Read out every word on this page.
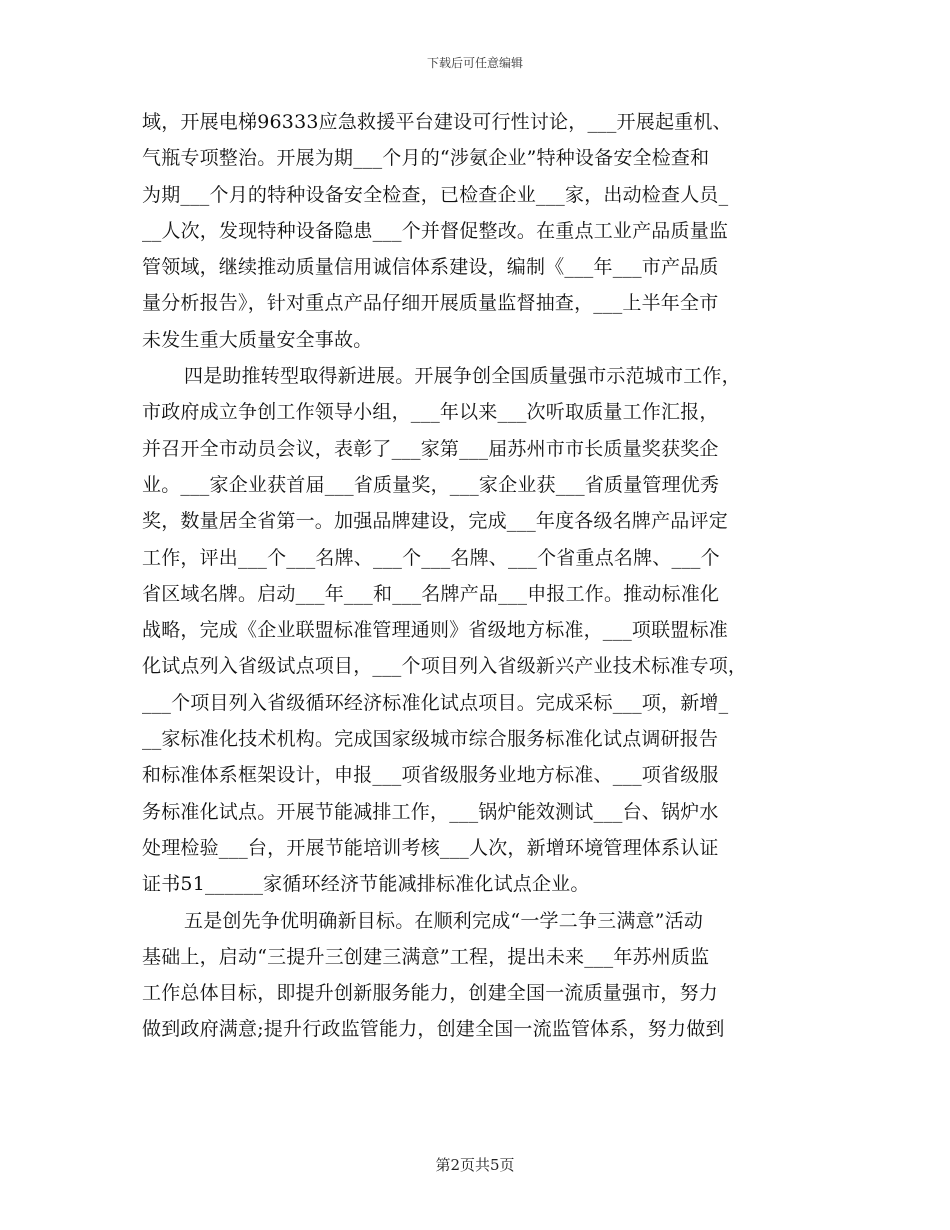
下载后可任意编辑
域，开展电梯96333应急救援平台建设可行性讨论，___开展起重机、
气瓶专项整治。开展为期___个月的“涉氨企业”特种设备安全检查和
为期___个月的特种设备安全检查，已检查企业___家，出动检查人员_
__人次，发现特种设备隐患___个并督促整改。在重点工业产品质量监
管领域，继续推动质量信用诚信体系建设，编制《___年___市产品质
量分析报告》，针对重点产品仔细开展质量监督抽查，___上半年全市
未发生重大质量安全事故。
四是助推转型取得新进展。开展争创全国质量强市示范城市工作，
市政府成立争创工作领导小组，___年以来___次听取质量工作汇报，
并召开全市动员会议，表彰了___家第___届苏州市市长质量奖获奖企
业。___家企业获首届___省质量奖，___家企业获___省质量管理优秀
奖，数量居全省第一。加强品牌建设，完成___年度各级名牌产品评定
工作，评出___个___名牌、___个___名牌、___个省重点名牌、___个
省区域名牌。启动___年___和___名牌产品___申报工作。推动标准化
战略，完成《企业联盟标准管理通则》省级地方标准，___项联盟标准
化试点列入省级试点项目，___个项目列入省级新兴产业技术标准专项，
___个项目列入省级循环经济标准化试点项目。完成采标___项，新增_
__家标准化技术机构。完成国家级城市综合服务标准化试点调研报告
和标准体系框架设计，申报___项省级服务业地方标准、___项省级服
务标准化试点。开展节能减排工作，___锅炉能效测试___台、锅炉水
处理检验___台，开展节能培训考核___人次，新增环境管理体系认证
证书51______家循环经济节能减排标准化试点企业。
五是创先争优明确新目标。在顺利完成“一学二争三满意”活动
基础上，启动“三提升三创建三满意”工程，提出未来___年苏州质监
工作总体目标，即提升创新服务能力，创建全国一流质量强市，努力
做到政府满意;提升行政监管能力，创建全国一流监管体系，努力做到
第2页共5页
